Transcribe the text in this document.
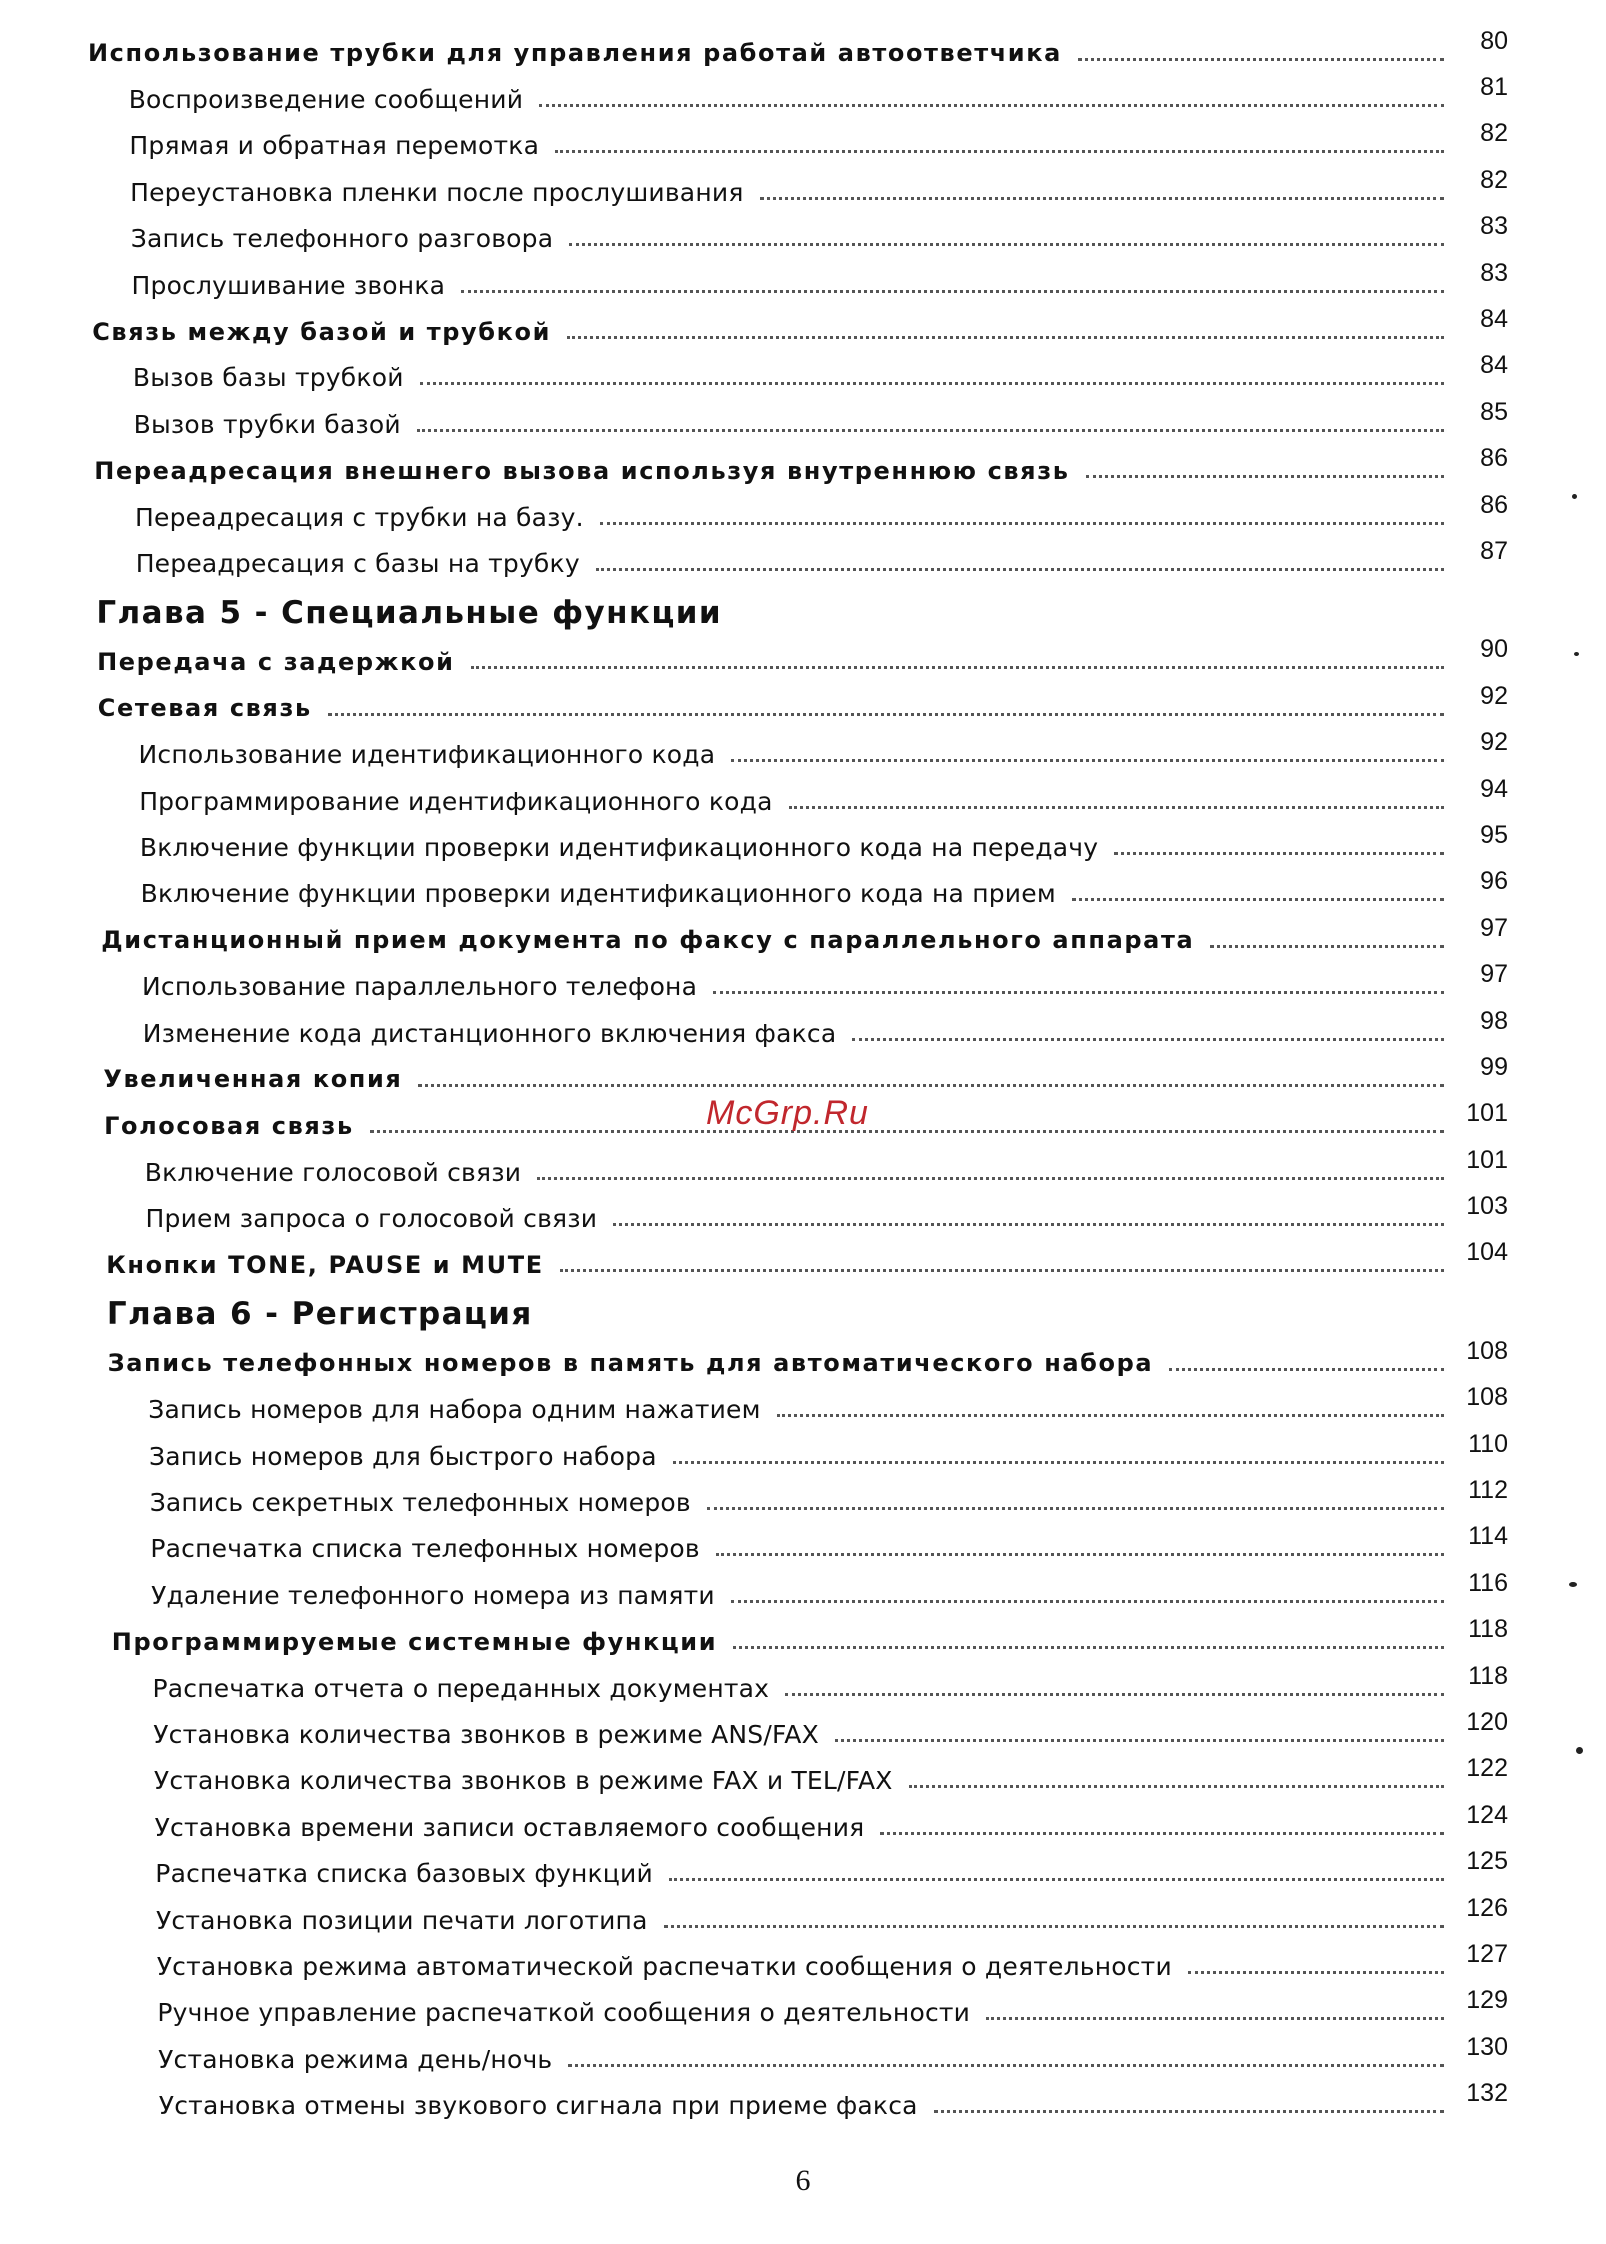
Использование трубки для управления работай автоответчика	80
Воспроизведение сообщений	81
Прямая и обратная перемотка	82
Переустановка пленки после прослушивания	82
Запись телефонного разговора	83
Прослушивание звонка	83
Связь между базой и трубкой	84
Вызов базы трубкой	84
Вызов трубки базой	85
Переадресация внешнего вызова используя внутреннюю связь	86
Переадресация с трубки на базу.	86
Переадресация с базы на трубку	87
Глава 5 - Специальные функции
Передача с задержкой	90
Сетевая связь	92
Использование идентификационного кода	92
Программирование идентификационного кода	94
Включение функции проверки идентификационного кода на передачу	95
Включение функции проверки идентификационного кода на прием	96
Дистанционный прием документа по факсу с параллельного аппарата	97
Использование параллельного телефона	97
Изменение кода дистанционного включения факса	98
Увеличенная копия	99
Голосовая связь	101
Включение голосовой связи	101
Прием запроса о голосовой связи	103
Кнопки TONE, PAUSE и MUTE	104
Глава 6 - Регистрация
Запись телефонных номеров в память для автоматического набора	108
Запись номеров для набора одним нажатием	108
Запись номеров для быстрого набора	110
Запись секретных телефонных номеров	112
Распечатка списка телефонных номеров	114
Удаление телефонного номера из памяти	116
Программируемые системные функции	118
Распечатка отчета о переданных документах	118
Установка количества звонков в режиме ANS/FAX	120
Установка количества звонков в режиме FAX и TEL/FAX	122
Установка времени записи оставляемого сообщения	124
Распечатка списка базовых функций	125
Установка позиции печати логотипа	126
Установка режима автоматической распечатки сообщения о деятельности	127
Ручное управление распечаткой сообщения о деятельности	129
Установка режима день/ночь	130
Установка отмены звукового сигнала при приеме факса	132
McGrp.Ru
6
